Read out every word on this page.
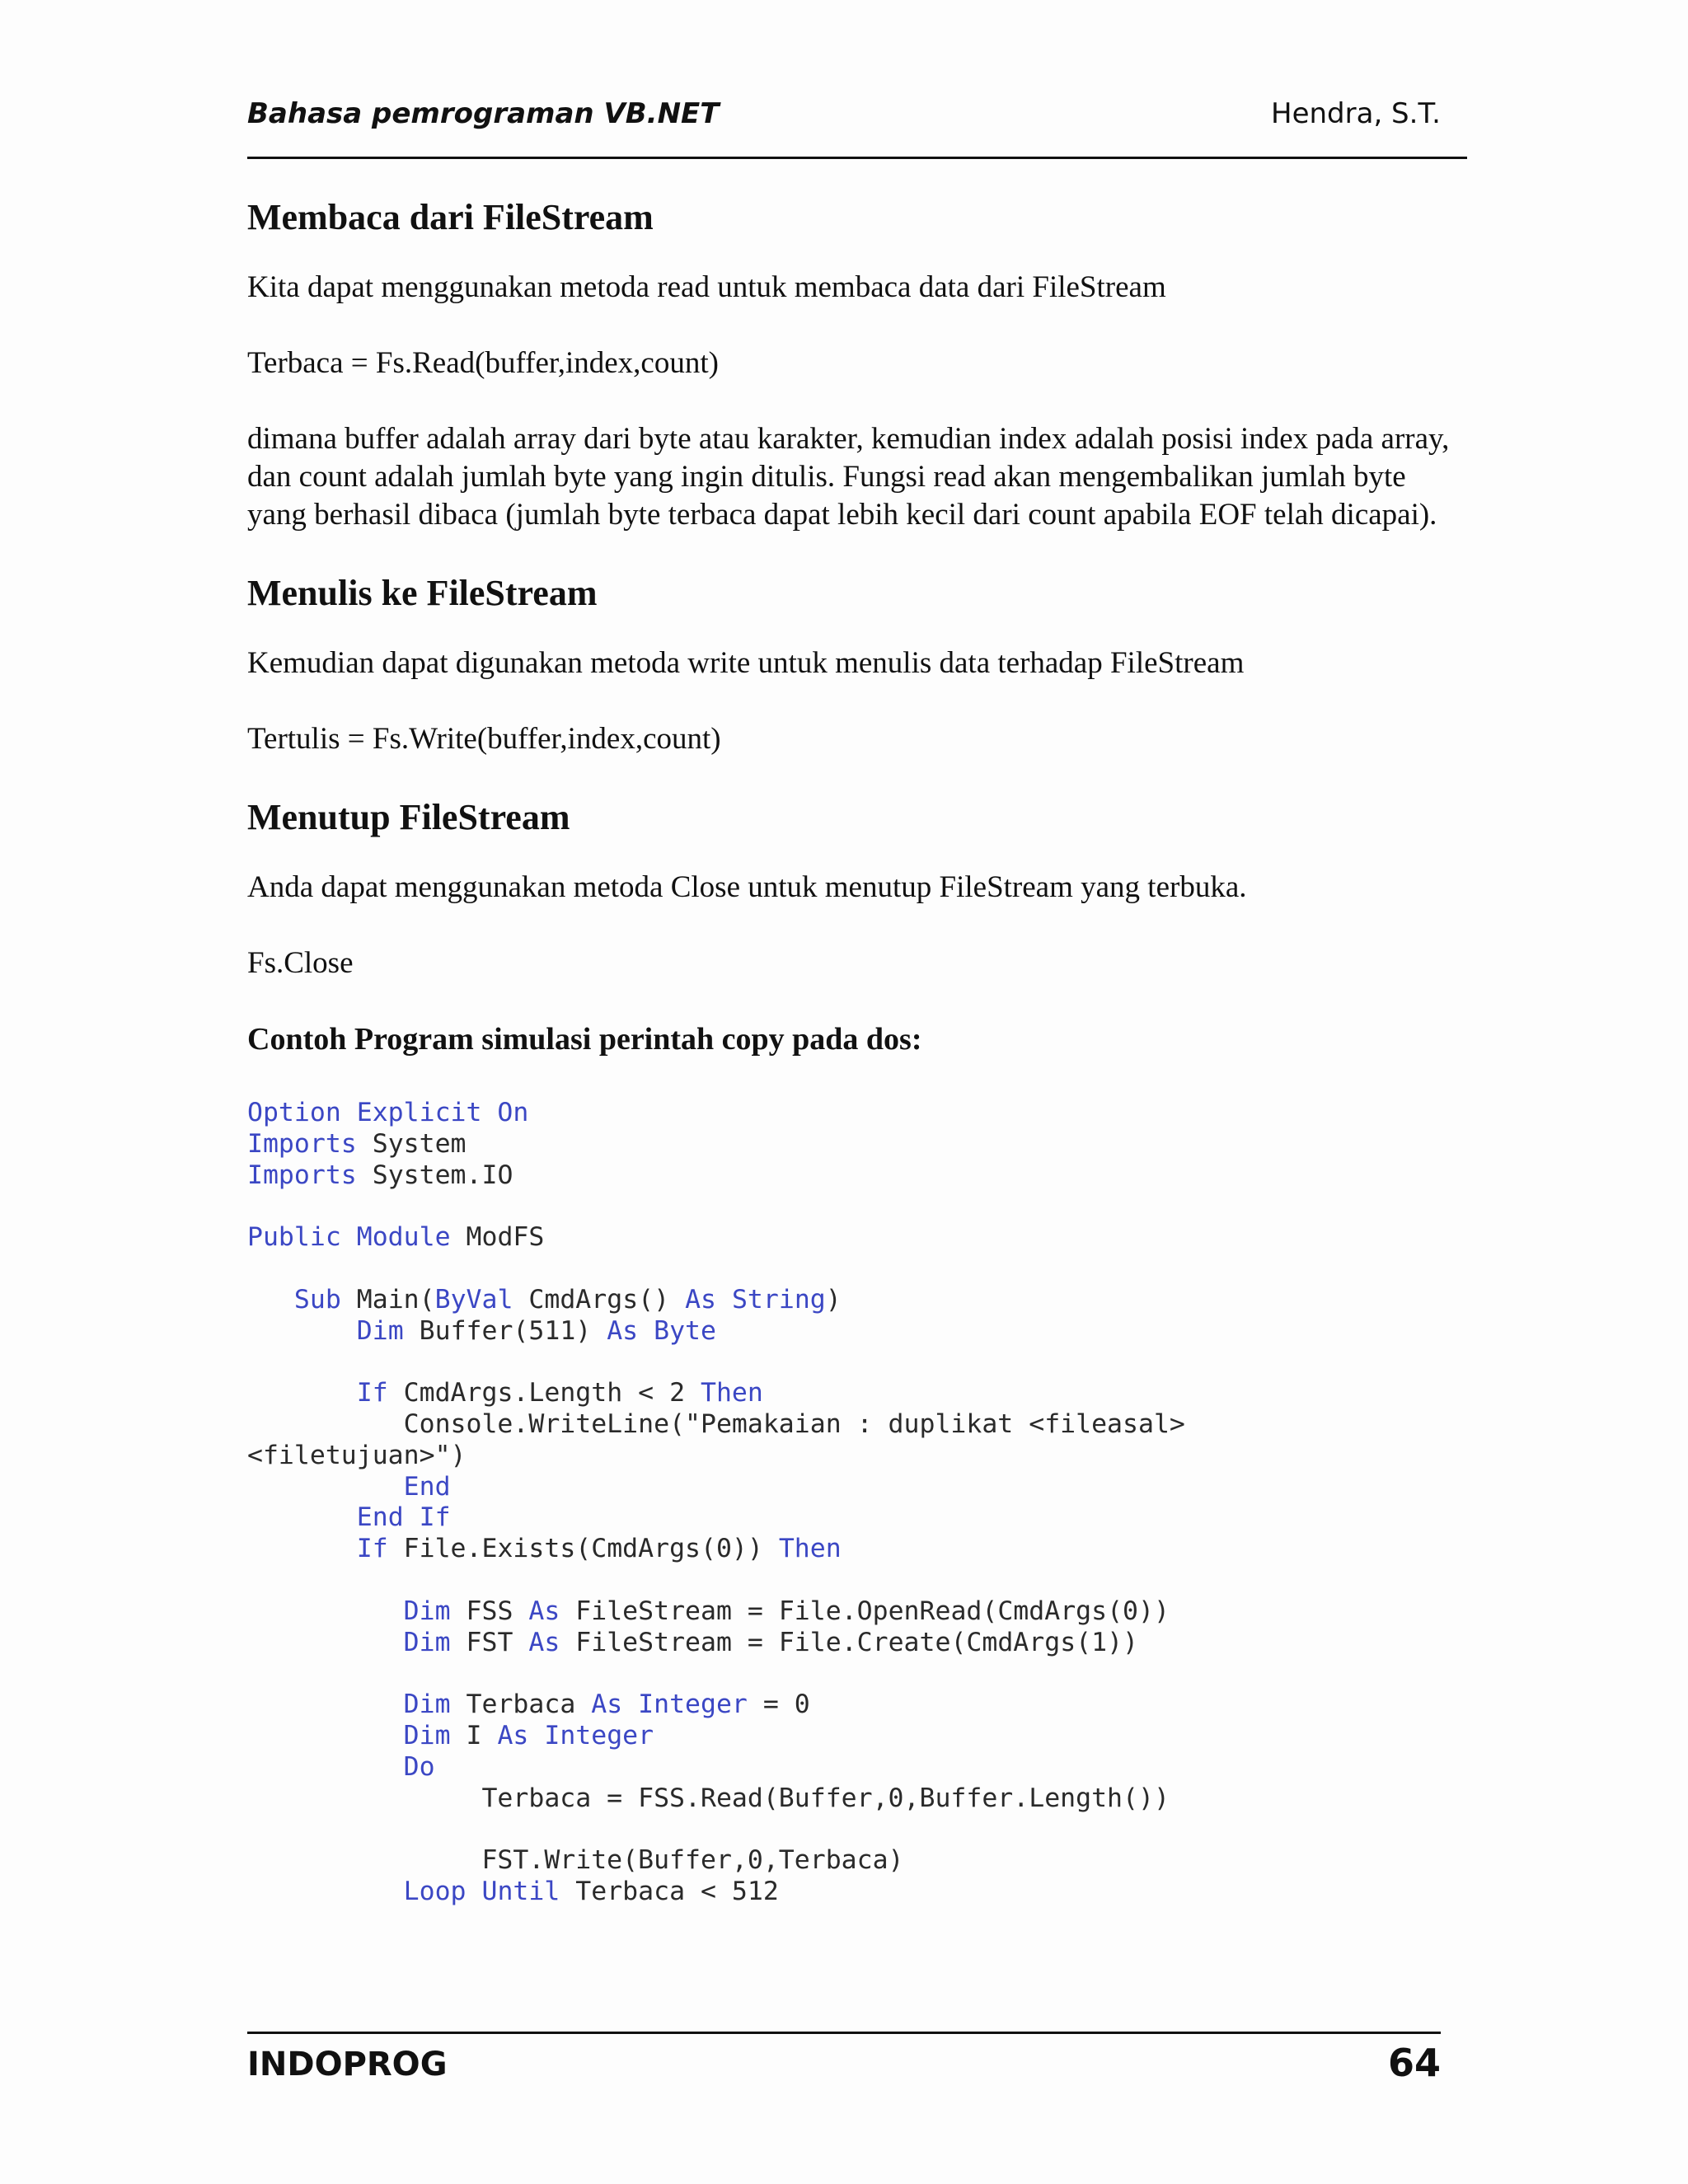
Bahasa pemrograman VB.NET	Hendra, S.T.
Membaca dari FileStream

Kita dapat menggunakan metoda read untuk membaca data dari FileStream

Terbaca = Fs.Read(buffer,index,count)

dimana buffer adalah array dari byte atau karakter, kemudian index adalah posisi index pada array, dan count adalah jumlah byte yang ingin ditulis. Fungsi read akan mengembalikan jumlah byte yang berhasil dibaca (jumlah byte terbaca dapat lebih kecil dari count apabila EOF telah dicapai).

Menulis ke FileStream

Kemudian dapat digunakan metoda write untuk menulis data terhadap FileStream

Tertulis = Fs.Write(buffer,index,count)

Menutup FileStream

Anda dapat menggunakan metoda Close untuk menutup FileStream yang terbuka.

Fs.Close

Contoh Program simulasi perintah copy pada dos:
Option Explicit On
Imports System
Imports System.IO

Public Module ModFS

Sub Main(ByVal CmdArgs() As String)
Dim Buffer(511) As Byte

If CmdArgs.Length < 2 Then
Console.WriteLine("Pemakaian : duplikat <fileasal>
<filetujuan>")
End
End If
If File.Exists(CmdArgs(0)) Then

Dim FSS As FileStream = File.OpenRead(CmdArgs(0))
Dim FST As FileStream = File.Create(CmdArgs(1))

Dim Terbaca As Integer = 0
Dim I As Integer
Do
Terbaca = FSS.Read(Buffer,0,Buffer.Length())

FST.Write(Buffer,0,Terbaca)
Loop Until Terbaca < 512
INDOPROG	64
